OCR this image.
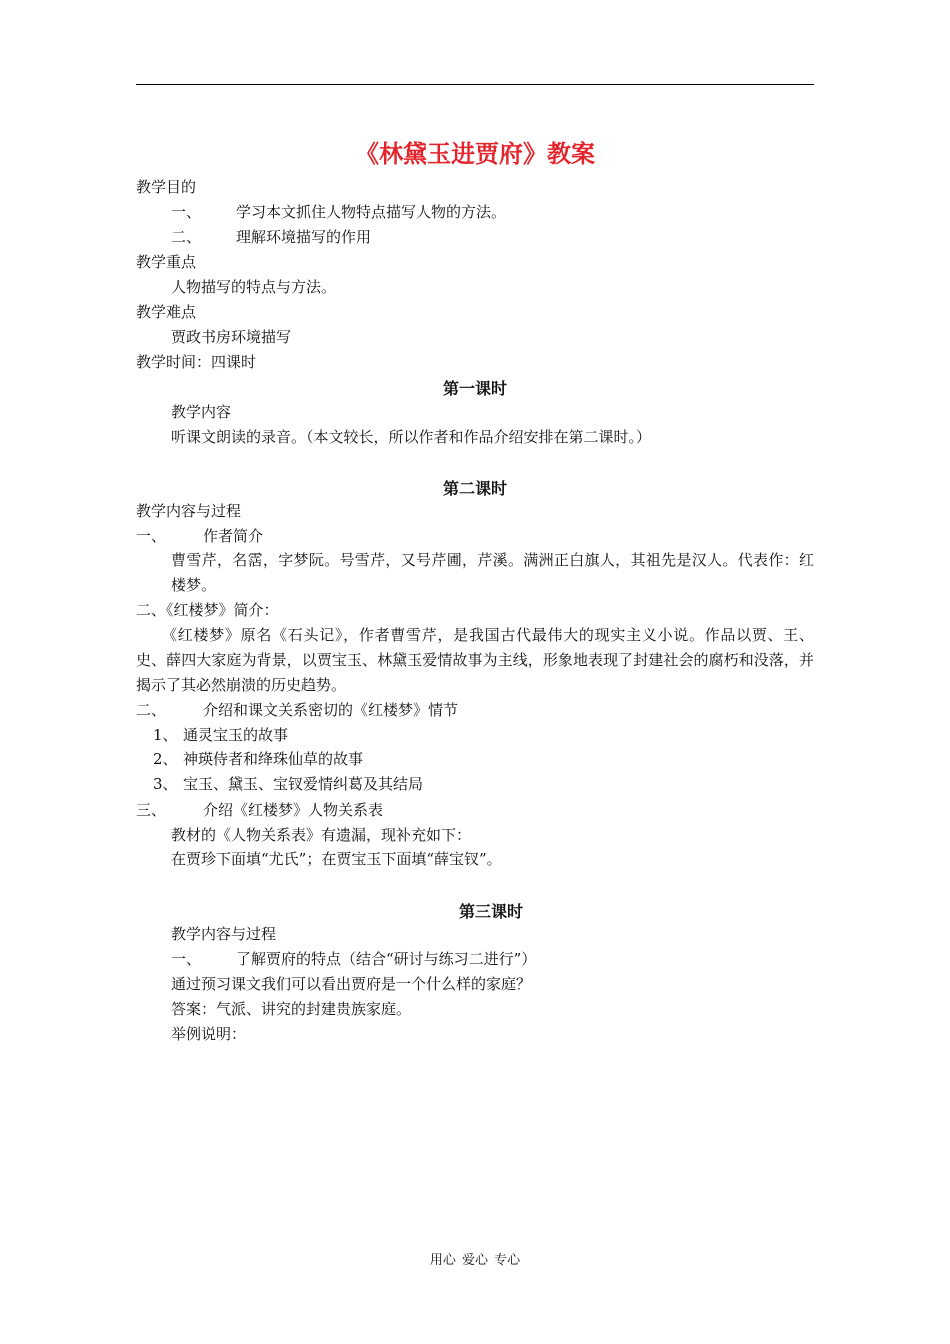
《林黛玉进贾府》教案
教学目的
一、 学习本文抓住人物特点描写人物的方法。
二、 理解环境描写的作用
教学重点
人物描写的特点与方法。
教学难点
贾政书房环境描写
教学时间：四课时
第一课时
教学内容
听课文朗读的录音。（本文较长，所以作者和作品介绍安排在第二课时。）
第二课时
教学内容与过程
一、 作者简介
曹雪芹，名霑，字梦阮。号雪芹，又号芹圃，芹溪。满洲正白旗人，其祖先是汉人。代表作：红楼梦。
二、《红楼梦》简介：
《红楼梦》原名《石头记》，作者曹雪芹，是我国古代最伟大的现实主义小说。作品以贾、王、史、薛四大家庭为背景，以贾宝玉、林黛玉爱情故事为主线，形象地表现了封建社会的腐朽和没落，并揭示了其必然崩溃的历史趋势。
二、 介绍和课文关系密切的《红楼梦》情节
1、 通灵宝玉的故事
2、 神瑛侍者和绛珠仙草的故事
3、 宝玉、黛玉、宝钗爱情纠葛及其结局
三、 介绍《红楼梦》人物关系表
教材的《人物关系表》有遗漏，现补充如下：
在贾珍下面填“尤氏”；在贾宝玉下面填“薛宝钗”。
第三课时
教学内容与过程
一、 了解贾府的特点（结合“研讨与练习二进行”）
通过预习课文我们可以看出贾府是一个什么样的家庭？
答案：气派、讲究的封建贵族家庭。
举例说明：
用心 爱心 专心
